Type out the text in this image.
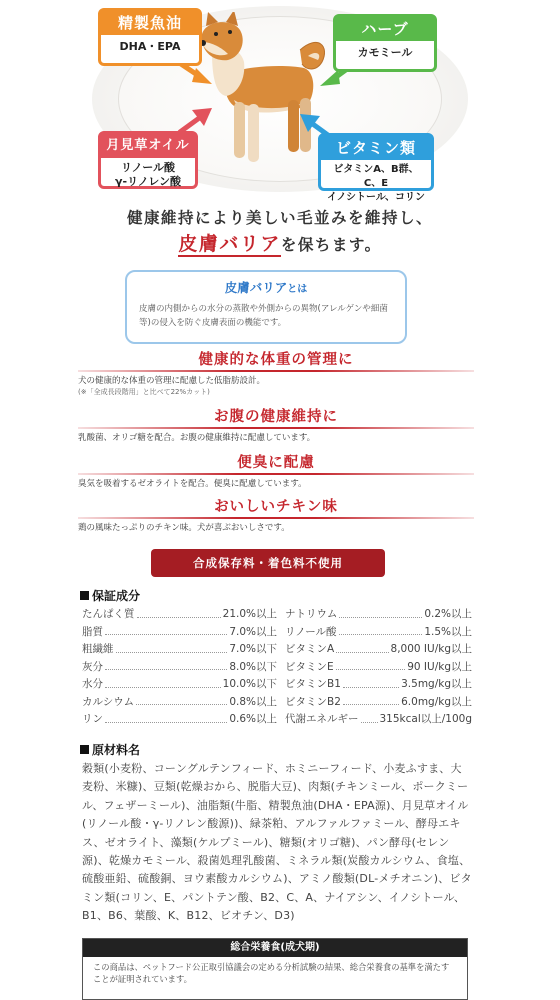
精製魚油
DHA・EPA
ハーブ
カモミール
月見草オイル
リノール酸
γ-リノレン酸
ビタミン類
ビタミンA、B群、C、E
イノシトール、コリン
健康維持により美しい毛並みを維持し、
皮膚バリアを保ちます。
皮膚バリアとは
皮膚の内側からの水分の蒸散や外側からの異物(アレルゲンや細菌等)の侵入を防ぐ皮膚表面の機能です。
健康的な体重の管理に
犬の健康的な体重の管理に配慮した低脂肪設計。
(※「全成長段階用」と比べて22%カット)
お腹の健康維持に
乳酸菌、オリゴ糖を配合。お腹の健康維持に配慮しています。
便臭に配慮
臭気を吸着するゼオライトを配合。便臭に配慮しています。
おいしいチキン味
鶏の風味たっぷりのチキン味。犬が喜ぶおいしさです。
合成保存料・着色料不使用
保証成分
たんぱく質	21.0%以上 ナトリウム	0.2%以上
脂質	7.0%以上 リノール酸	1.5%以上
粗繊維	7.0%以下 ビタミンA	8,000 IU/kg以上
灰分	8.0%以下 ビタミンE	90 IU/kg以上
水分	10.0%以下 ビタミンB1	3.5mg/kg以上
カルシウム	0.8%以上 ビタミンB2	6.0mg/kg以上
リン	0.6%以上 代謝エネルギー 315kcal以上/100g
原材料名
穀類(小麦粉、コーングルテンフィード、ホミニーフィード、小麦ふすま、大麦粉、米糠)、豆類(乾燥おから、脱脂大豆)、肉類(チキンミール、ポークミール、フェザーミール)、油脂類(牛脂、精製魚油(DHA・EPA源)、月見草オイル(リノール酸・γ-リノレン酸源))、緑茶粕、アルファルファミール、酵母エキス、ゼオライト、藻類(ケルプミール)、糖類(オリゴ糖)、パン酵母(セレン源)、乾燥カモミール、殺菌処理乳酸菌、ミネラル類(炭酸カルシウム、食塩、硫酸亜鉛、硫酸銅、ヨウ素酸カルシウム)、アミノ酸類(DL-メチオニン)、ビタミン類(コリン、E、パントテン酸、B2、C、A、ナイアシン、イノシトール、B1、B6、葉酸、K、B12、ビオチン、D3)
総合栄養食(成犬期)
この商品は、ペットフード公正取引協議会の定める分析試験の結果、総合栄養食の基準を満たすことが証明されています。
